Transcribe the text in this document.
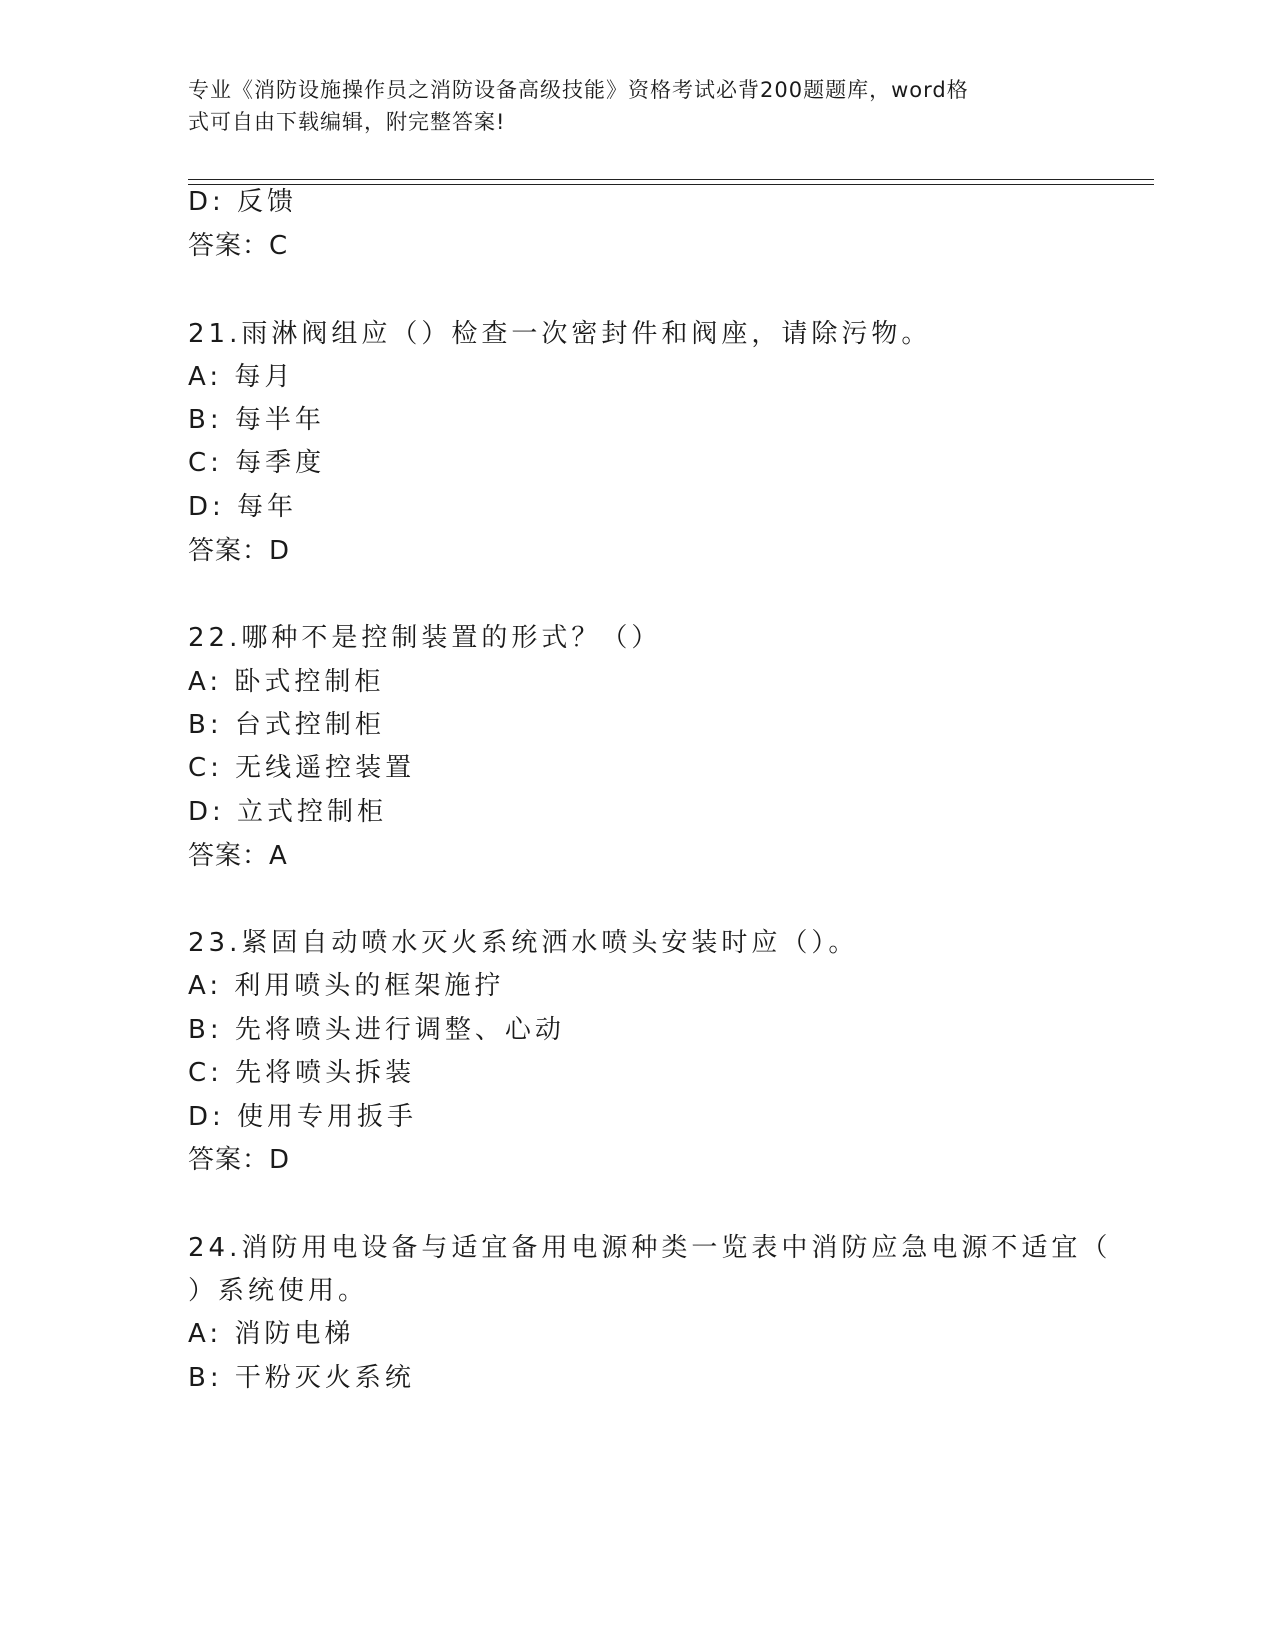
专业《消防设施操作员之消防设备高级技能》资格考试必背200题题库，word格
式可自由下载编辑，附完整答案!
D: 反馈
答案：C
21.雨淋阀组应（）检查一次密封件和阀座，请除污物。
A: 每月
B: 每半年
C: 每季度
D: 每年
答案：D
22.哪种不是控制装置的形式？（）
A: 卧式控制柜
B: 台式控制柜
C: 无线遥控装置
D: 立式控制柜
答案：A
23.紧固自动喷水灭火系统洒水喷头安装时应（）。
A: 利用喷头的框架施拧
B: 先将喷头进行调整、心动
C: 先将喷头拆装
D: 使用专用扳手
答案：D
24.消防用电设备与适宜备用电源种类一览表中消防应急电源不适宜（
）系统使用。
A: 消防电梯
B: 干粉灭火系统
